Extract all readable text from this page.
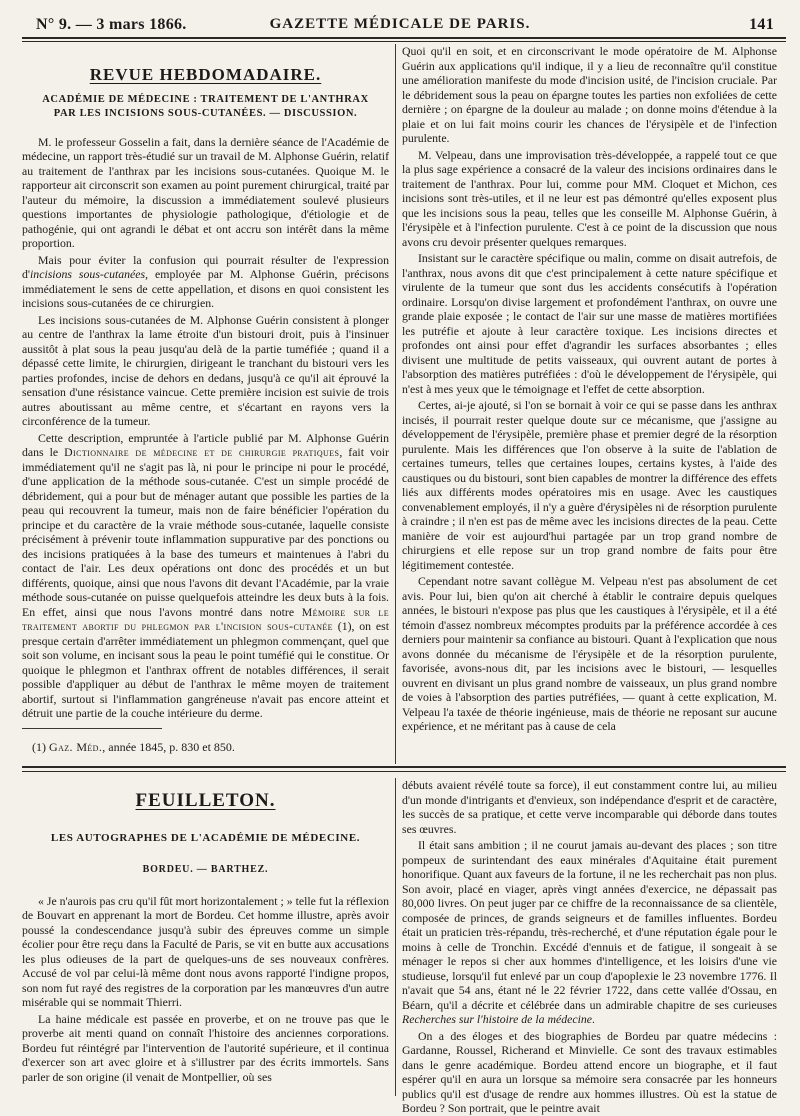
N° 9. — 3 mars 1866.	GAZETTE MÉDICALE DE PARIS.	141
REVUE HEBDOMADAIRE.
ACADÉMIE DE MÉDECINE : TRAITEMENT DE L'ANTHRAX PAR LES INCISIONS SOUS-CUTANÉES. — DISCUSSION.

M. le professeur Gosselin a fait, dans la dernière séance de l'Académie de médecine, un rapport très-étudié sur un travail de M. Alphonse Guérin, relatif au traitement de l'anthrax par les incisions sous-cutanées. Quoique M. le rapporteur ait circonscrit son examen au point purement chirurgical, traité par l'auteur du mémoire, la discussion a immédiatement soulevé plusieurs questions importantes de physiologie pathologique, d'étiologie et de pathogénie, qui ont agrandi le débat et ont accru son intérêt dans la même proportion.

Mais pour éviter la confusion qui pourrait résulter de l'expression d'incisions sous-cutanées, employée par M. Alphonse Guérin, précisons immédiatement le sens de cette appellation, et disons en quoi consistent les incisions sous-cutanées de ce chirurgien.

Les incisions sous-cutanées de M. Alphonse Guérin consistent à plonger au centre de l'anthrax la lame étroite d'un bistouri droit, puis à l'insinuer aussitôt à plat sous la peau jusqu'au delà de la partie tuméfiée ; quand il a dépassé cette limite, le chirurgien, dirigeant le tranchant du bistouri vers les parties profondes, incise de dehors en dedans, jusqu'à ce qu'il ait éprouvé la sensation d'une résistance vaincue. Cette première incision est suivie de trois autres aboutissant au même centre, et s'écartant en rayons vers la circonférence de la tumeur.

Cette description, empruntée à l'article publié par M. Alphonse Guérin dans le Dictionnaire de médecine et de chirurgie pratiques, fait voir immédiatement qu'il ne s'agit pas là, ni pour le principe ni pour le procédé, d'une application de la méthode sous-cutanée. C'est un simple procédé de débridement, qui a pour but de ménager autant que possible les parties de la peau qui recouvrent la tumeur, mais non de faire bénéficier l'opération du principe et du caractère de la vraie méthode sous-cutanée, laquelle consiste précisément à prévenir toute inflammation suppurative par des ponctions ou des incisions pratiquées à la base des tumeurs et maintenues à l'abri du contact de l'air. Les deux opérations ont donc des procédés et un but différents, quoique, ainsi que nous l'avons dit devant l'Académie, par la vraie méthode sous-cutanée on puisse quelquefois atteindre les deux buts à la fois. En effet, ainsi que nous l'avons montré dans notre Mémoire sur le traitement abortif du phlegmon par l'incision sous-cutanée (1), on est presque certain d'arrêter immédiatement un phlegmon commençant, quel que soit son volume, en incisant sous la peau le point tuméfié qui le constitue. Or quoique le phlegmon et l'anthrax offrent de notables différences, il serait possible d'appliquer au début de l'anthrax le même moyen de traitement abortif, surtout si l'inflammation gangréneuse n'avait pas encore atteint et détruit une partie de la couche intérieure du derme.

(1) Gaz. Méd., année 1845, p. 830 et 850.

Quoi qu'il en soit, et en circonscrivant le mode opératoire de M. Alphonse Guérin aux applications qu'il indique, il y a lieu de reconnaître qu'il constitue une amélioration manifeste du mode d'incision usité, de l'incision cruciale. Par le débridement sous la peau on épargne toutes les parties non exfoliées de cette dernière ; on épargne de la douleur au malade ; on donne moins d'étendue à la plaie et on lui fait moins courir les chances de l'érysipèle et de l'infection purulente.

M. Velpeau, dans une improvisation très-développée, a rappelé tout ce que la plus sage expérience a consacré de la valeur des incisions ordinaires dans le traitement de l'anthrax. Pour lui, comme pour MM. Cloquet et Michon, ces incisions sont très-utiles, et il ne leur est pas démontré qu'elles exposent plus que les incisions sous la peau, telles que les conseille M. Alphonse Guérin, à l'érysipèle et à l'infection purulente. C'est à ce point de la discussion que nous avons cru devoir présenter quelques remarques.

Insistant sur le caractère spécifique ou malin, comme on disait autrefois, de l'anthrax, nous avons dit que c'est principalement à cette nature spécifique et virulente de la tumeur que sont dus les accidents consécutifs à l'opération ordinaire. Lorsqu'on divise largement et profondément l'anthrax, on ouvre une grande plaie exposée ; le contact de l'air sur une masse de matières mortifiées les putréfie et ajoute à leur caractère toxique. Les incisions directes et profondes ont ainsi pour effet d'agrandir les surfaces absorbantes ; elles divisent une multitude de petits vaisseaux, qui ouvrent autant de portes à l'absorption des matières putréfiées : d'où le développement de l'érysipèle, qui n'est à mes yeux que le témoignage et l'effet de cette absorption.

Certes, ai-je ajouté, si l'on se bornait à voir ce qui se passe dans les anthrax incisés, il pourrait rester quelque doute sur ce mécanisme, que j'assigne au développement de l'érysipèle, première phase et premier degré de la résorption purulente. Mais les différences que l'on observe à la suite de l'ablation de certaines tumeurs, telles que certaines loupes, certains kystes, à l'aide des caustiques ou du bistouri, sont bien capables de montrer la différence des effets liés aux différents modes opératoires mis en usage. Avec les caustiques convenablement employés, il n'y a guère d'érysipèles ni de résorption purulente à craindre ; il n'en est pas de même avec les incisions directes de la peau. Cette manière de voir est aujourd'hui partagée par un trop grand nombre de chirurgiens et elle repose sur un trop grand nombre de faits pour être légitimement contestée.

Cependant notre savant collègue M. Velpeau n'est pas absolument de cet avis. Pour lui, bien qu'on ait cherché à établir le contraire depuis quelques années, le bistouri n'expose pas plus que les caustiques à l'érysipèle, et il a été témoin d'assez nombreux mécomptes produits par la préférence accordée à ces derniers pour maintenir sa confiance au bistouri. Quant à l'explication que nous avons donnée du mécanisme de l'érysipèle et de la résorption purulente, favorisée, avons-nous dit, par les incisions avec le bistouri, — lesquelles ouvrent en divisant un plus grand nombre de vaisseaux, un plus grand nombre de voies à l'absorption des parties putréfiées, — quant à cette explication, M. Velpeau l'a taxée de théorie ingénieuse, mais de théorie ne reposant sur aucune expérience, et ne méritant pas à cause de cela

FEUILLETON.
LES AUTOGRAPHES DE L'ACADÉMIE DE MÉDECINE.
BORDEU. — BARTHEZ.

« Je n'aurois pas cru qu'il fût mort horizontalement ; » telle fut la réflexion de Bouvart en apprenant la mort de Bordeu. Cet homme illustre, après avoir poussé la condescendance jusqu'à subir des épreuves comme un simple écolier pour être reçu dans la Faculté de Paris, se vit en butte aux accusations les plus odieuses de la part de quelques-uns de ses nouveaux confrères. Accusé de vol par celui-là même dont nous avons rapporté l'indigne propos, son nom fut rayé des registres de la corporation par les manœuvres d'un autre misérable qui se nommait Thierri.

La haine médicale est passée en proverbe, et on ne trouve pas que le proverbe ait menti quand on connaît l'histoire des anciennes corporations. Bordeu fut réintégré par l'intervention de l'autorité supérieure, et il continua d'exercer son art avec gloire et à s'illustrer par des écrits immortels. Sans parler de son origine (il venait de Montpellier, où ses

débuts avaient révélé toute sa force), il eut constamment contre lui, au milieu d'un monde d'intrigants et d'envieux, son indépendance d'esprit et de caractère, les succès de sa pratique, et cette verve incomparable qui déborde dans toutes ses œuvres.

Il était sans ambition ; il ne courut jamais au-devant des places ; son titre pompeux de surintendant des eaux minérales d'Aquitaine était purement honorifique. Quant aux faveurs de la fortune, il ne les recherchait pas non plus. Son avoir, placé en viager, après vingt années d'exercice, ne dépassait pas 80,000 livres. On peut juger par ce chiffre de la reconnaissance de sa clientèle, composée de princes, de grands seigneurs et de familles influentes. Bordeu était un praticien très-répandu, très-recherché, et d'une réputation égale pour le moins à celle de Tronchin. Excédé d'ennuis et de fatigue, il songeait à se ménager le repos si cher aux hommes d'intelligence, et les loisirs d'une vie studieuse, lorsqu'il fut enlevé par un coup d'apoplexie le 23 novembre 1776. Il n'avait que 54 ans, étant né le 22 février 1722, dans cette vallée d'Ossau, en Béarn, qu'il a décrite et célébrée dans un admirable chapitre de ses curieuses Recherches sur l'histoire de la médecine.

On a des éloges et des biographies de Bordeu par quatre médecins : Gardanne, Roussel, Richerand et Minvielle. Ce sont des travaux estimables dans le genre académique. Bordeu attend encore un biographe, et il faut espérer qu'il en aura un lorsque sa mémoire sera consacrée par les honneurs publics qu'il est d'usage de rendre aux hommes illustres. Où est la statue de Bordeu ? Son portrait, que le peintre avait
